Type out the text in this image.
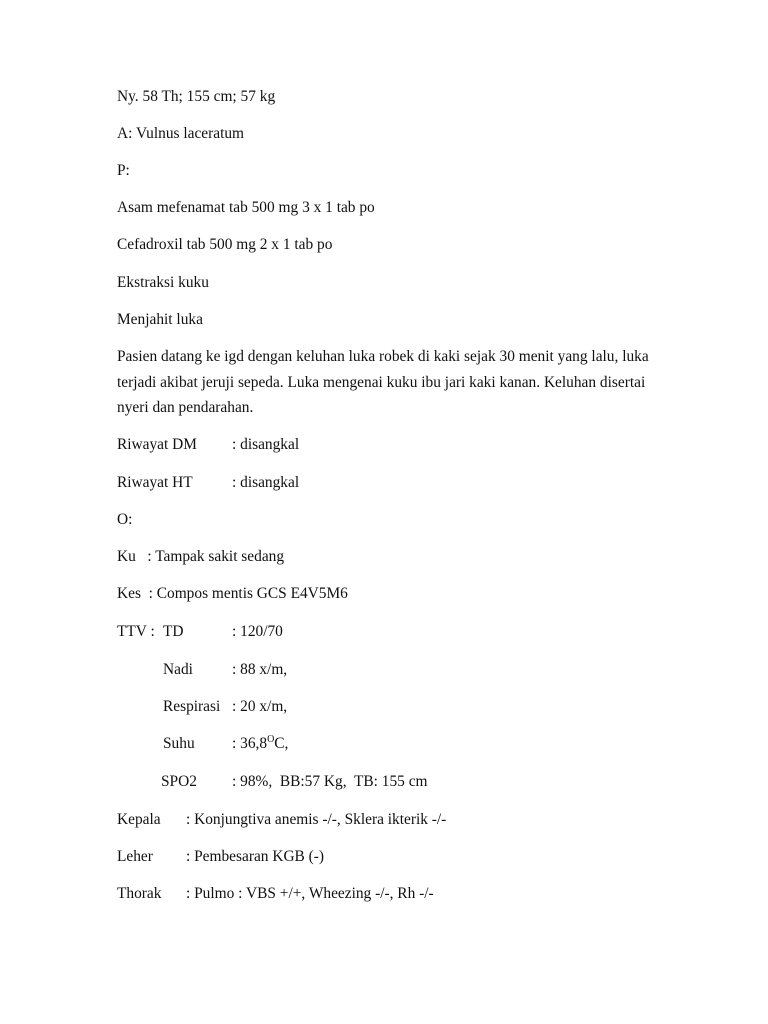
Ny. 58 Th; 155 cm; 57 kg
A: Vulnus laceratum
P:
Asam mefenamat tab 500 mg 3 x 1 tab po
Cefadroxil tab 500 mg 2 x 1 tab po
Ekstraksi kuku
Menjahit luka
Pasien datang ke igd dengan keluhan luka robek di kaki sejak 30 menit yang lalu, luka terjadi akibat jeruji sepeda. Luka mengenai kuku ibu jari kaki kanan. Keluhan disertai nyeri dan pendarahan.
Riwayat DM : disangkal
Riwayat HT	: disangkal
O:
Ku   : Tampak sakit sedang
Kes  : Compos mentis GCS E4V5M6
TTV : TD	: 120/70
Nadi	: 88 x/m,
Respirasi : 20 x/m,
Suhu : $36,8^OC$,
SPO2 : 98%,  BB:57 Kg,  TB: 155 cm
Kepala : Konjungtiva anemis -/-, Sklera ikterik -/-
Leher : Pembesaran KGB (-)
Thorak : Pulmo : VBS +/+, Wheezing -/-, Rh -/-
